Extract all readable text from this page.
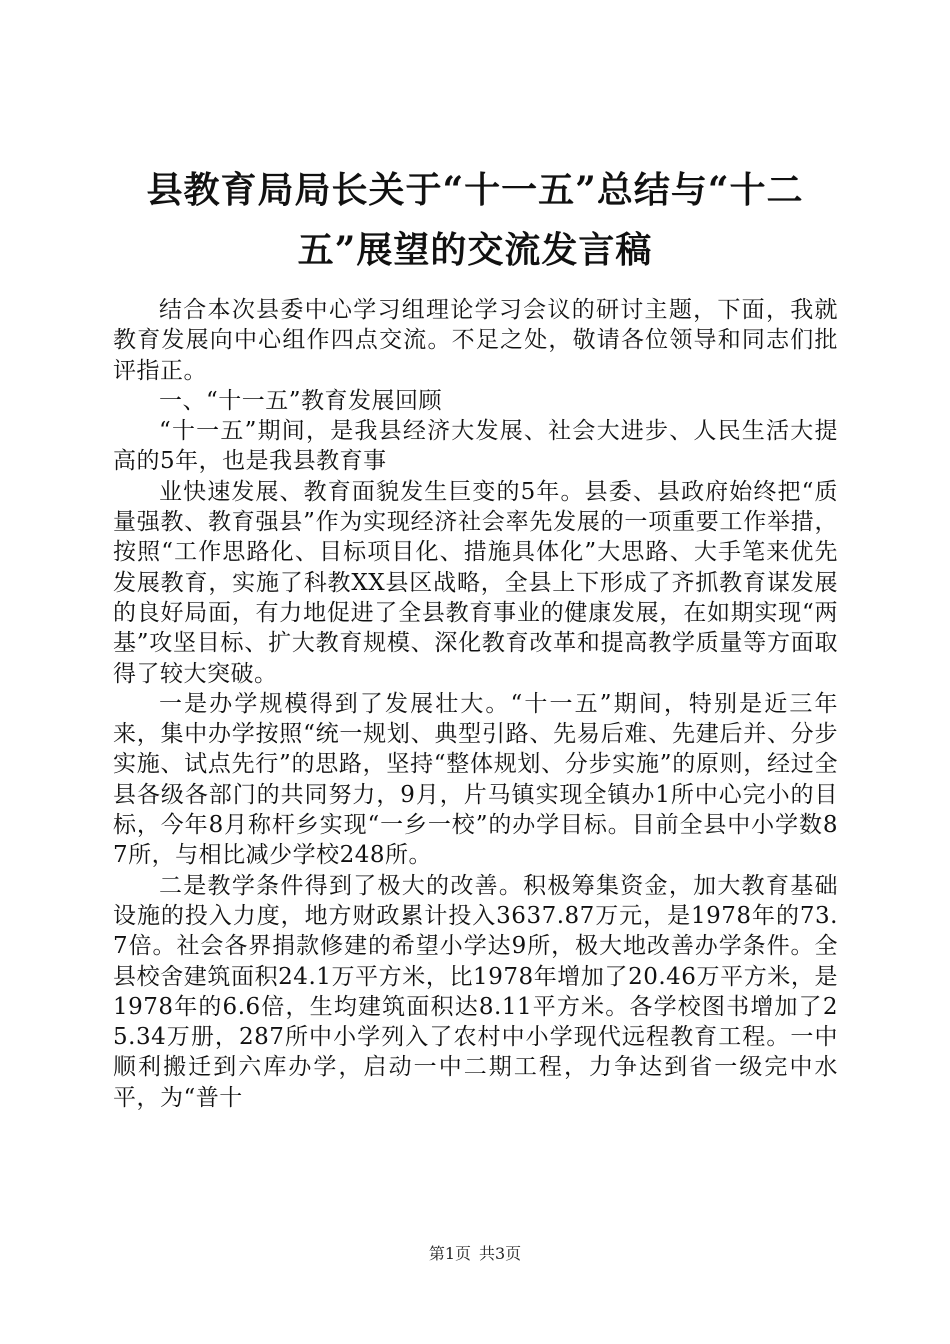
县教育局局长关于“十一五”总结与“十二
五”展望的交流发言稿

结合本次县委中心学习组理论学习会议的研讨主题，下面，我就教育发展向中心组作四点交流。不足之处，敬请各位领导和同志们批评指正。

一、“十一五”教育发展回顾

“十一五”期间，是我县经济大发展、社会大进步、人民生活大提高的5年，也是我县教育事

业快速发展、教育面貌发生巨变的5年。县委、县政府始终把“质量强教、教育强县”作为实现经济社会率先发展的一项重要工作举措，按照“工作思路化、目标项目化、措施具体化”大思路、大手笔来优先发展教育，实施了科教XX县区战略，全县上下形成了齐抓教育谋发展的良好局面，有力地促进了全县教育事业的健康发展，在如期实现“两基”攻坚目标、扩大教育规模、深化教育改革和提高教学质量等方面取得了较大突破。

一是办学规模得到了发展壮大。“十一五”期间，特别是近三年来，集中办学按照“统一规划、典型引路、先易后难、先建后并、分步实施、试点先行”的思路，坚持“整体规划、分步实施”的原则，经过全县各级各部门的共同努力，9月，片马镇实现全镇办1所中心完小的目标，今年8月称杆乡实现“一乡一校”的办学目标。目前全县中小学数87所，与相比减少学校248所。

二是教学条件得到了极大的改善。积极筹集资金，加大教育基础设施的投入力度，地方财政累计投入3637.87万元，是1978年的73.7倍。社会各界捐款修建的希望小学达9所，极大地改善办学条件。全县校舍建筑面积24.1万平方米，比1978年增加了20.46万平方米，是1978年的6.6倍，生均建筑面积达8.11平方米。各学校图书增加了25.34万册，287所中小学列入了农村中小学现代远程教育工程。一中顺利搬迁到六库办学，启动一中二期工程，力争达到省一级完中水平，为“普十

第1页 共3页
